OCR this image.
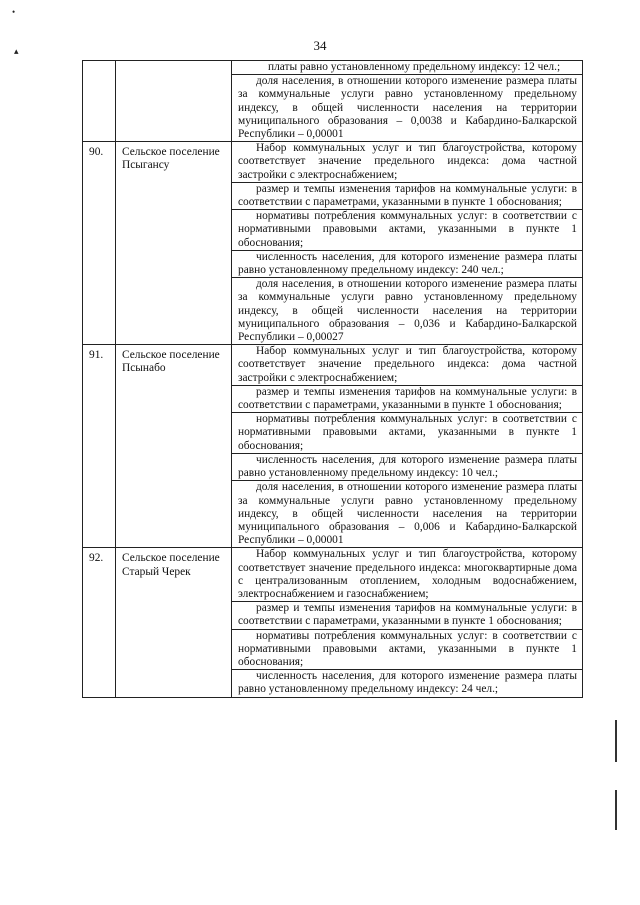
•
▴	34

		платы равно установленному предельному индексу: 12 чел.;
доля населения, в отношении которого изменение размера платы за коммунальные услуги равно установленному предельному индексу, в общей численности населения на территории муниципального образования – 0,0038 и Кабардино-Балкарской Республики – 0,00001

90.	Сельское поселение Псыгансу	Набор коммунальных услуг и тип благоустройства, которому соответствует значение предельного индекса: дома частной застройки с электроснабжением;
размер и темпы изменения тарифов на коммунальные услуги: в соответствии с параметрами, указанными в пункте 1 обоснования;
нормативы потребления коммунальных услуг: в соответствии с нормативными правовыми актами, указанными в пункте 1 обоснования;
численность населения, для которого изменение размера платы равно установленному предельному индексу: 240 чел.;
доля населения, в отношении которого изменение размера платы за коммунальные услуги равно установленному предельному индексу, в общей численности населения на территории муниципального образования – 0,036 и Кабардино-Балкарской Республики – 0,00027

91.	Сельское поселение Псынабо	Набор коммунальных услуг и тип благоустройства, которому соответствует значение предельного индекса: дома частной застройки с электроснабжением;
размер и темпы изменения тарифов на коммунальные услуги: в соответствии с параметрами, указанными в пункте 1 обоснования;
нормативы потребления коммунальных услуг: в соответствии с нормативными правовыми актами, указанными в пункте 1 обоснования;
численность населения, для которого изменение размера платы равно установленному предельному индексу: 10 чел.;
доля населения, в отношении которого изменение размера платы за коммунальные услуги равно установленному предельному индексу, в общей численности населения на территории муниципального образования – 0,006 и Кабардино-Балкарской Республики – 0,00001

92.	Сельское поселение Старый Черек	Набор коммунальных услуг и тип благоустройства, которому соответствует значение предельного индекса: многоквартирные дома с централизованным отоплением, холодным водоснабжением, электроснабжением и газоснабжением;
размер и темпы изменения тарифов на коммунальные услуги: в соответствии с параметрами, указанными в пункте 1 обоснования;
нормативы потребления коммунальных услуг: в соответствии с нормативными правовыми актами, указанными в пункте 1 обоснования;
численность населения, для которого изменение размера платы равно установленному предельному индексу: 24 чел.;
